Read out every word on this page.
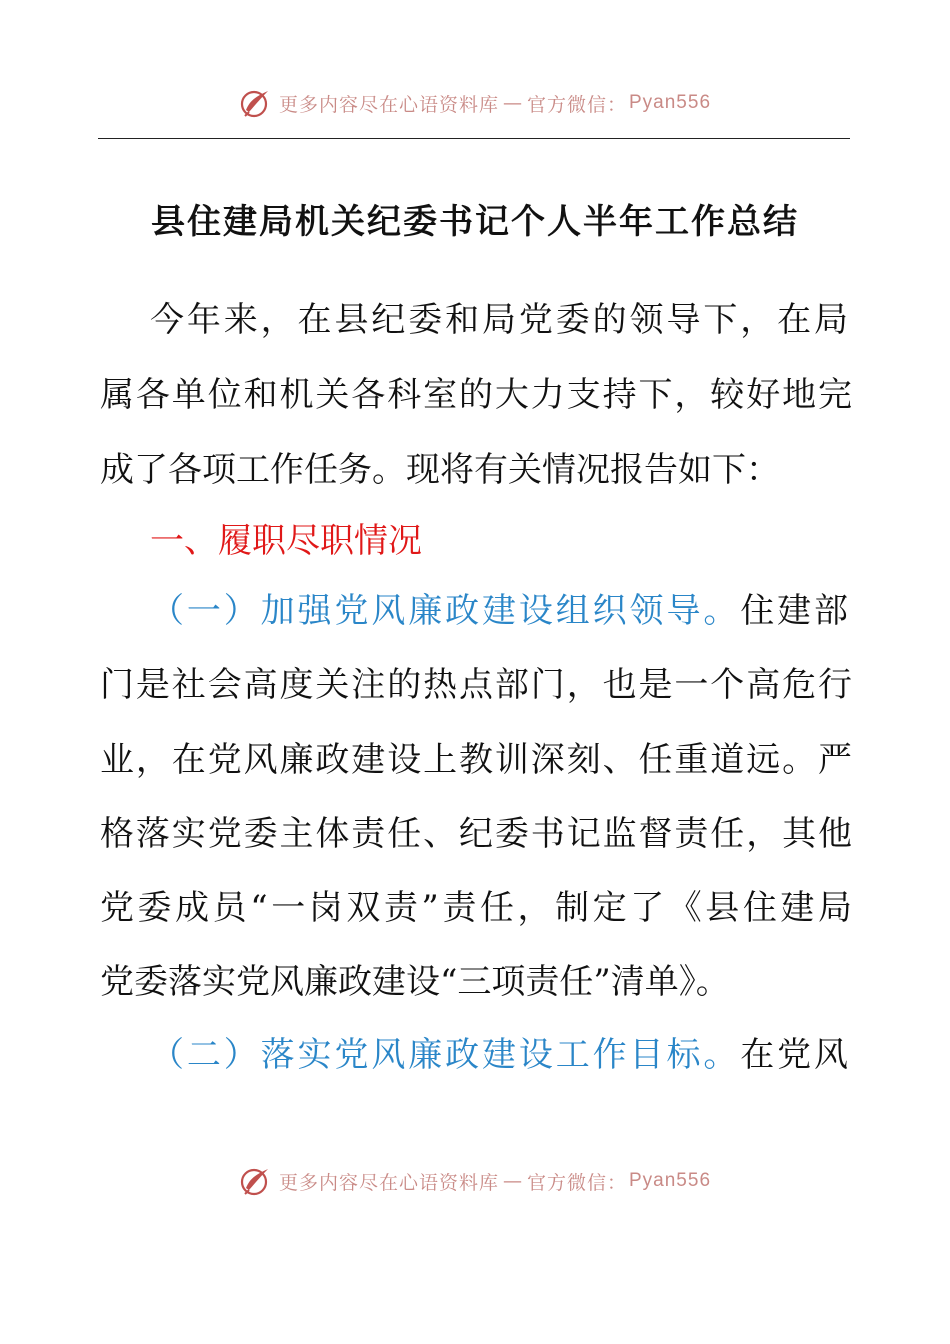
更多内容尽在心语资料库 — 官方微信： Pyan556
县住建局机关纪委书记个人半年工作总结
今年来，在县纪委和局党委的领导下，在局
属各单位和机关各科室的大力支持下，较好地完
成了各项工作任务。现将有关情况报告如下：
一、履职尽职情况
（一）加强党风廉政建设组织领导。住建部
门是社会高度关注的热点部门，也是一个高危行
业，在党风廉政建设上教训深刻、任重道远。严
格落实党委主体责任、纪委书记监督责任，其他
党委成员“一岗双责”责任，制定了《县住建局
党委落实党风廉政建设“三项责任”清单》。
（二）落实党风廉政建设工作目标。在党风
更多内容尽在心语资料库 — 官方微信： Pyan556
